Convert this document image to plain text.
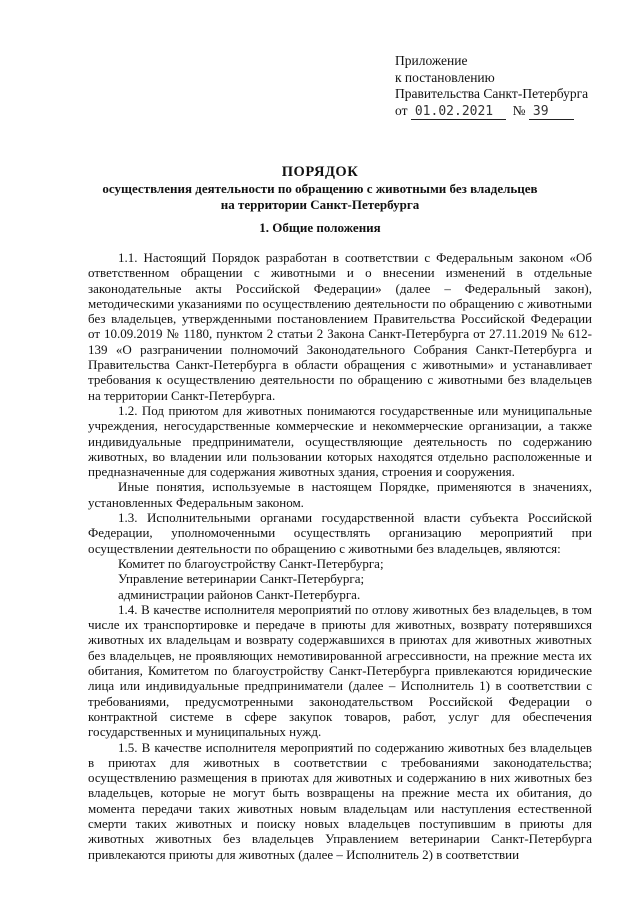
Приложение
к постановлению
Правительства Санкт-Петербурга
от 01.02.2021 № 39
ПОРЯДОК
осуществления деятельности по обращению с животными без владельцев
на территории Санкт-Петербурга
1. Общие положения

1.1. Настоящий Порядок разработан в соответствии с Федеральным законом «Об ответственном обращении с животными и о внесении изменений в отдельные законодательные акты Российской Федерации» (далее – Федеральный закон), методическими указаниями по осуществлению деятельности по обращению с животными без владельцев, утвержденными постановлением Правительства Российской Федерации от 10.09.2019 № 1180, пунктом 2 статьи 2 Закона Санкт-Петербурга от 27.11.2019 № 612-139 «О разграничении полномочий Законодательного Собрания Санкт-Петербурга и Правительства Санкт-Петербурга в области обращения с животными» и устанавливает требования к осуществлению деятельности по обращению с животными без владельцев на территории Санкт-Петербурга.

1.2. Под приютом для животных понимаются государственные или муниципальные учреждения, негосударственные коммерческие и некоммерческие организации, а также индивидуальные предприниматели, осуществляющие деятельность по содержанию животных, во владении или пользовании которых находятся отдельно расположенные и предназначенные для содержания животных здания, строения и сооружения.

Иные понятия, используемые в настоящем Порядке, применяются в значениях, установленных Федеральным законом.

1.3. Исполнительными органами государственной власти субъекта Российской Федерации, уполномоченными осуществлять организацию мероприятий при осуществлении деятельности по обращению с животными без владельцев, являются:

Комитет по благоустройству Санкт-Петербурга;

Управление ветеринарии Санкт-Петербурга;

администрации районов Санкт-Петербурга.

1.4. В качестве исполнителя мероприятий по отлову животных без владельцев, в том числе их транспортировке и передаче в приюты для животных, возврату потерявшихся животных их владельцам и возврату содержавшихся в приютах для животных животных без владельцев, не проявляющих немотивированной агрессивности, на прежние места их обитания, Комитетом по благоустройству Санкт-Петербурга привлекаются юридические лица или индивидуальные предприниматели (далее – Исполнитель 1) в соответствии с требованиями, предусмотренными законодательством Российской Федерации о контрактной системе в сфере закупок товаров, работ, услуг для обеспечения государственных и муниципальных нужд.

1.5. В качестве исполнителя мероприятий по содержанию животных без владельцев в приютах для животных в соответствии с требованиями законодательства; осуществлению размещения в приютах для животных и содержанию в них животных без владельцев, которые не могут быть возвращены на прежние места их обитания, до момента передачи таких животных новым владельцам или наступления естественной смерти таких животных и поиску новых владельцев поступившим в приюты для животных животных без владельцев Управлением ветеринарии Санкт-Петербурга привлекаются приюты для животных (далее – Исполнитель 2) в соответствии
